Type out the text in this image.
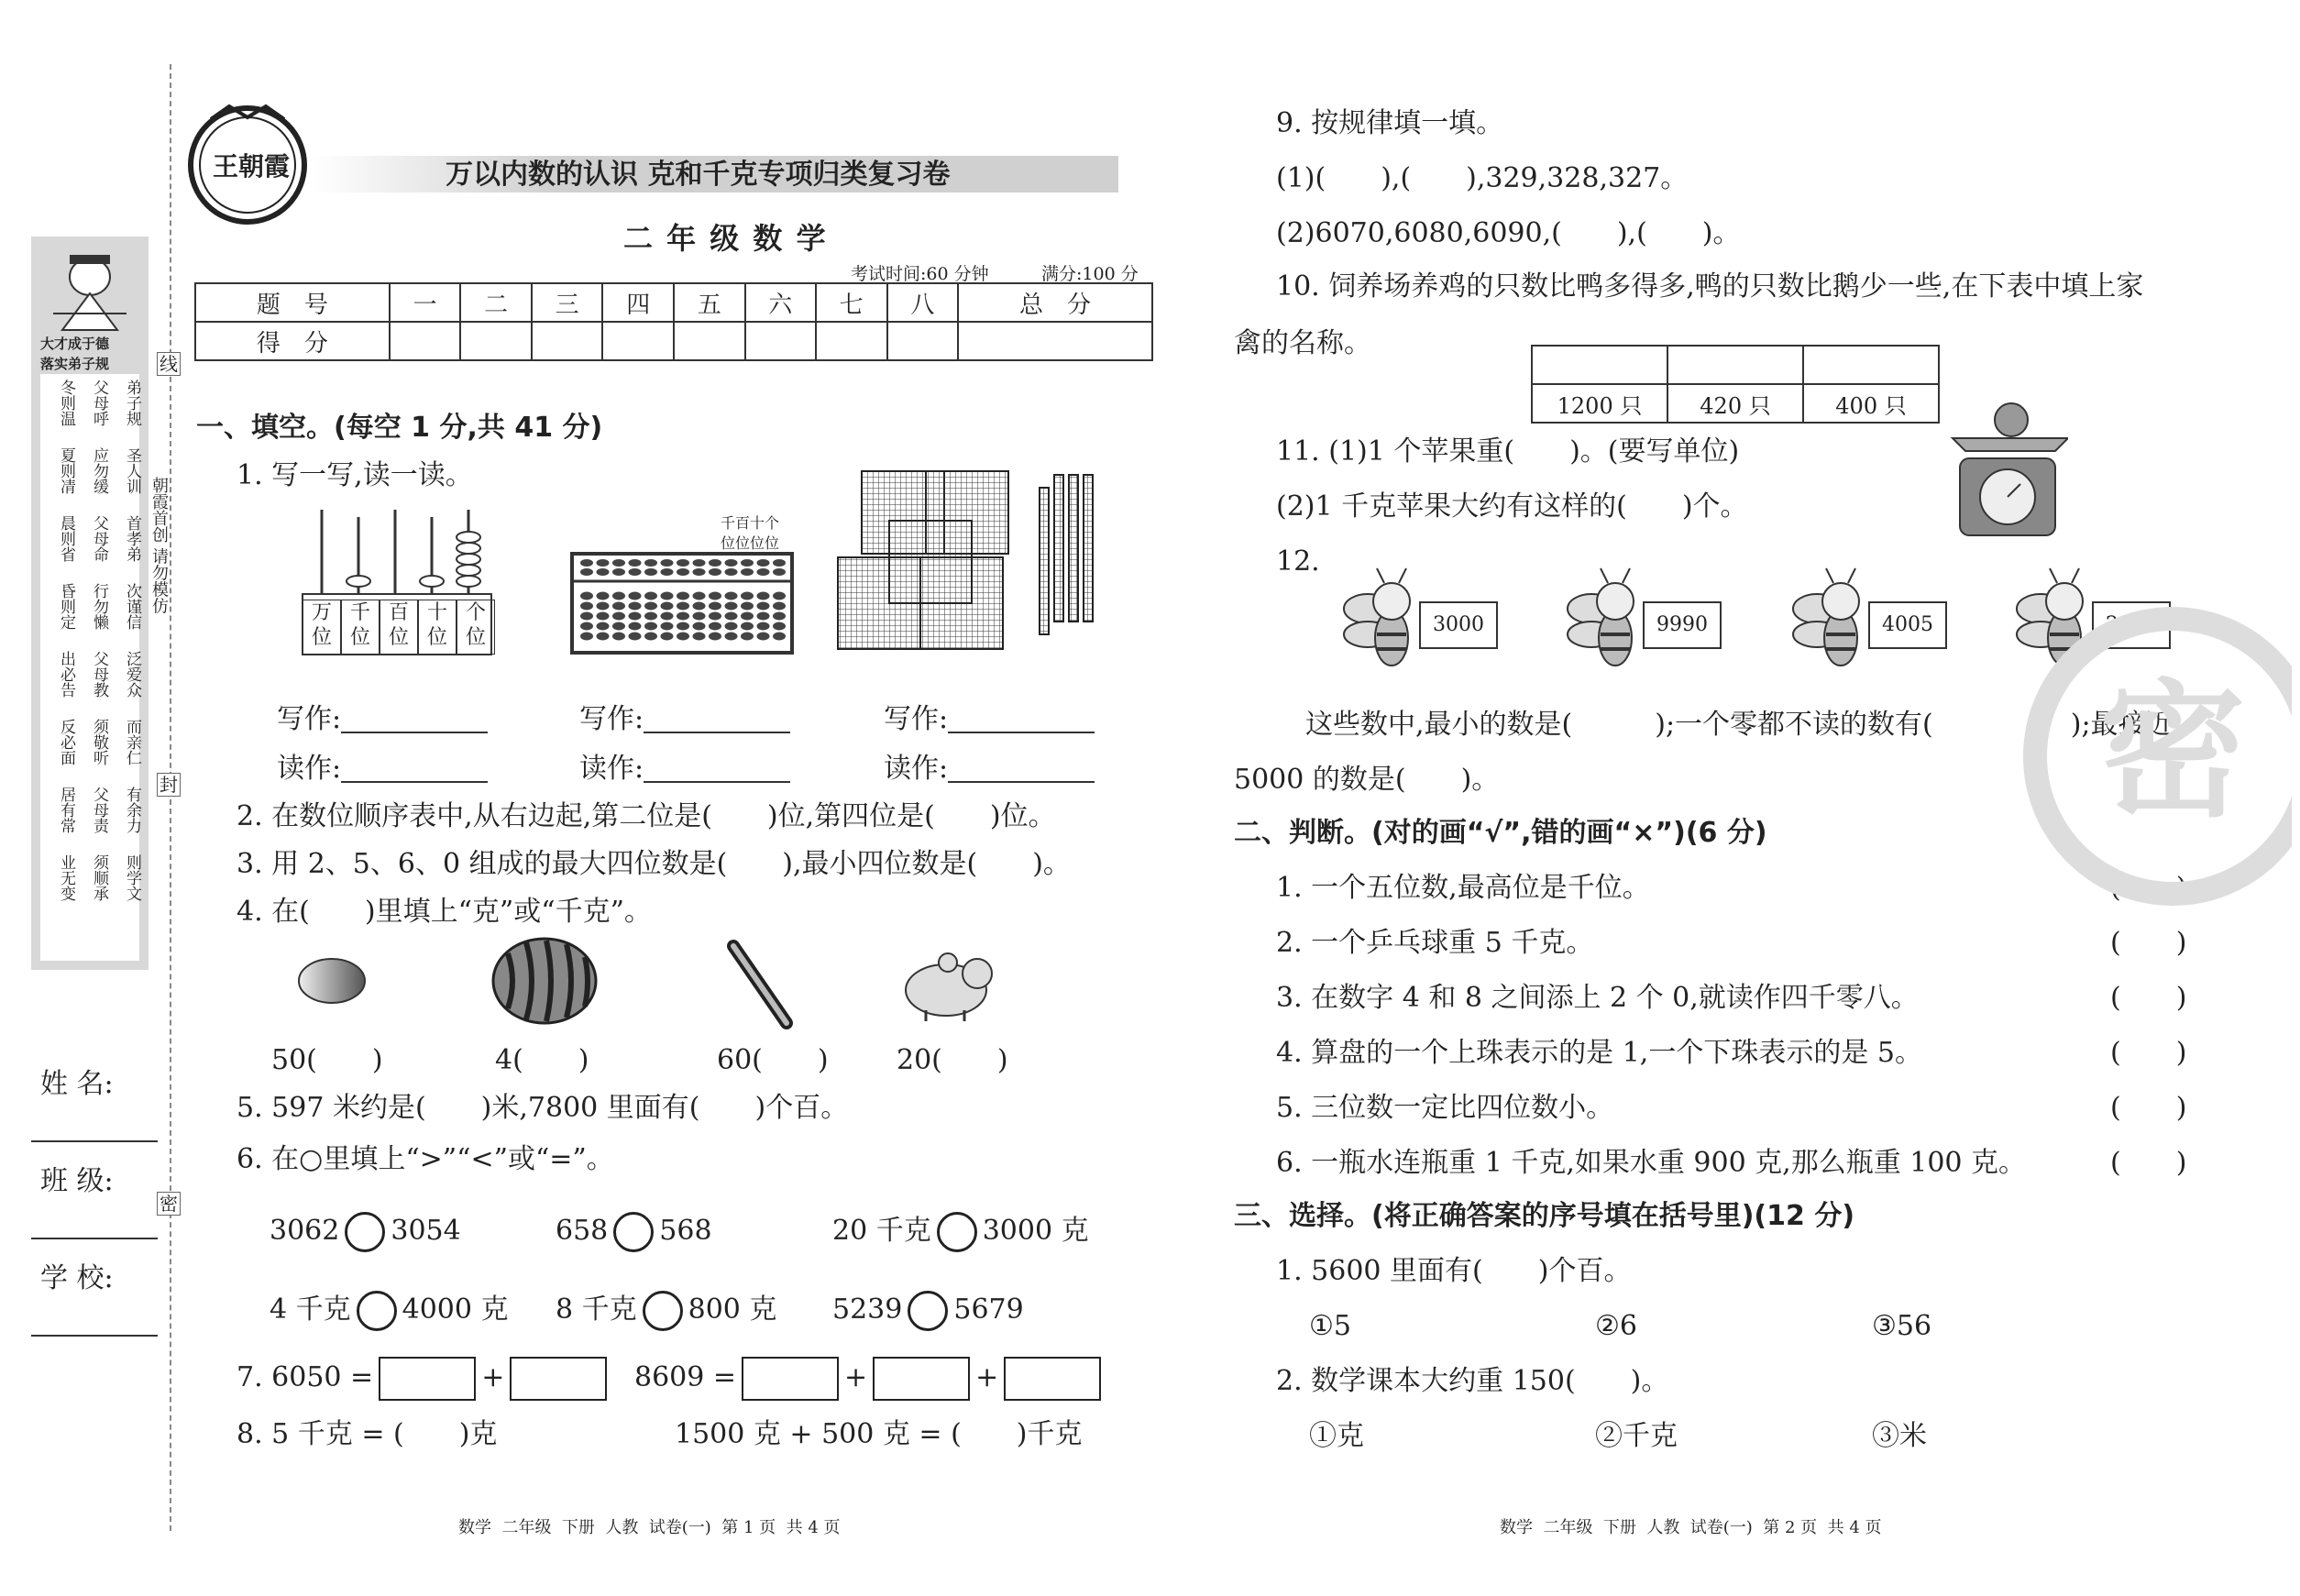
线
封
密
朝霞首创 请勿模仿
大才成于德
落实弟子规
冬则温 父母呼 弟子规
夏则凊 应勿缓 圣人训
晨则省 父母命 首孝弟
昏则定 行勿懒 次谨信
出必告 父母教 泛爱众
反必面 须敬听 而亲仁
居有常 父母责 有余力
业无变 须顺承 则学文
姓 名:
班 级:
学 校:
王朝霞	万以内数的认识 克和千克专项归类复习卷
二 年 级 数 学
考试时间:60 分钟	满分:100 分
题　号	一	二	三	四	五	六	七	八	总　分
得　分									
一、填空。(每空 1 分,共 41 分)
1. 写一写,读一读。
万位
千位
百位
十位
个位
千百十个
位位位位
写作:	写作:	写作:
读作:	读作:	读作:
2. 在数位顺序表中,从右边起,第二位是(　　)位,第四位是(　　)位。
3. 用 2、5、6、0 组成的最大四位数是(　　),最小四位数是(　　)。
4. 在(　　)里填上“克”或“千克”。
50(　　)	4(　　)	60(　　) 20(　　)
5. 597 米约是(　　)米,7800 里面有(　　)个百。
6. 在○里填上“>”“<”或“=”。
3062 3054	658 568	20 千克 3000 克
4 千克 4000 克 8 千克 800 克 5239 5679
7. 6050 =	+	8609 =	+	+
8. 5 千克 = (　　)克	1500 克 + 500 克 = (　　)千克
数学  二年级  下册  人教  试卷(一)  第 1 页  共 4 页
9. 按规律填一填。
(1)(　　),(　　),329,328,327。
(2)6070,6080,6090,(　　),(　　)。
10. 饲养场养鸡的只数比鸭多得多,鸭的只数比鹅少一些,在下表中填上家
禽的名称。

1200 只	420 只	400 只
11. (1)1 个苹果重(　　)。(要写单位)
(2)1 千克苹果大约有这样的(　　)个。
12.
3000	9990	4005	2030
这些数中,最小的数是(　　　);一个零都不读的数有(　　　　　);最接近
5000 的数是(　　)。
二、判断。(对的画“√”,错的画“×”)(6 分)
1. 一个五位数,最高位是千位。	(　　)
2. 一个乒乓球重 5 千克。	(　　)
3. 在数字 4 和 8 之间添上 2 个 0,就读作四千零八。	(　　)
4. 算盘的一个上珠表示的是 1,一个下珠表示的是 5。	(　　)
5. 三位数一定比四位数小。	(　　)
6. 一瓶水连瓶重 1 千克,如果水重 900 克,那么瓶重 100 克。	(　　)
三、选择。(将正确答案的序号填在括号里)(12 分)
1. 5600 里面有(　　)个百。
①5	②6	③56
2. 数学课本大约重 150(　　)。
①克	②千克	③米
数学  二年级  下册  人教  试卷(一)  第 2 页  共 4 页
密
